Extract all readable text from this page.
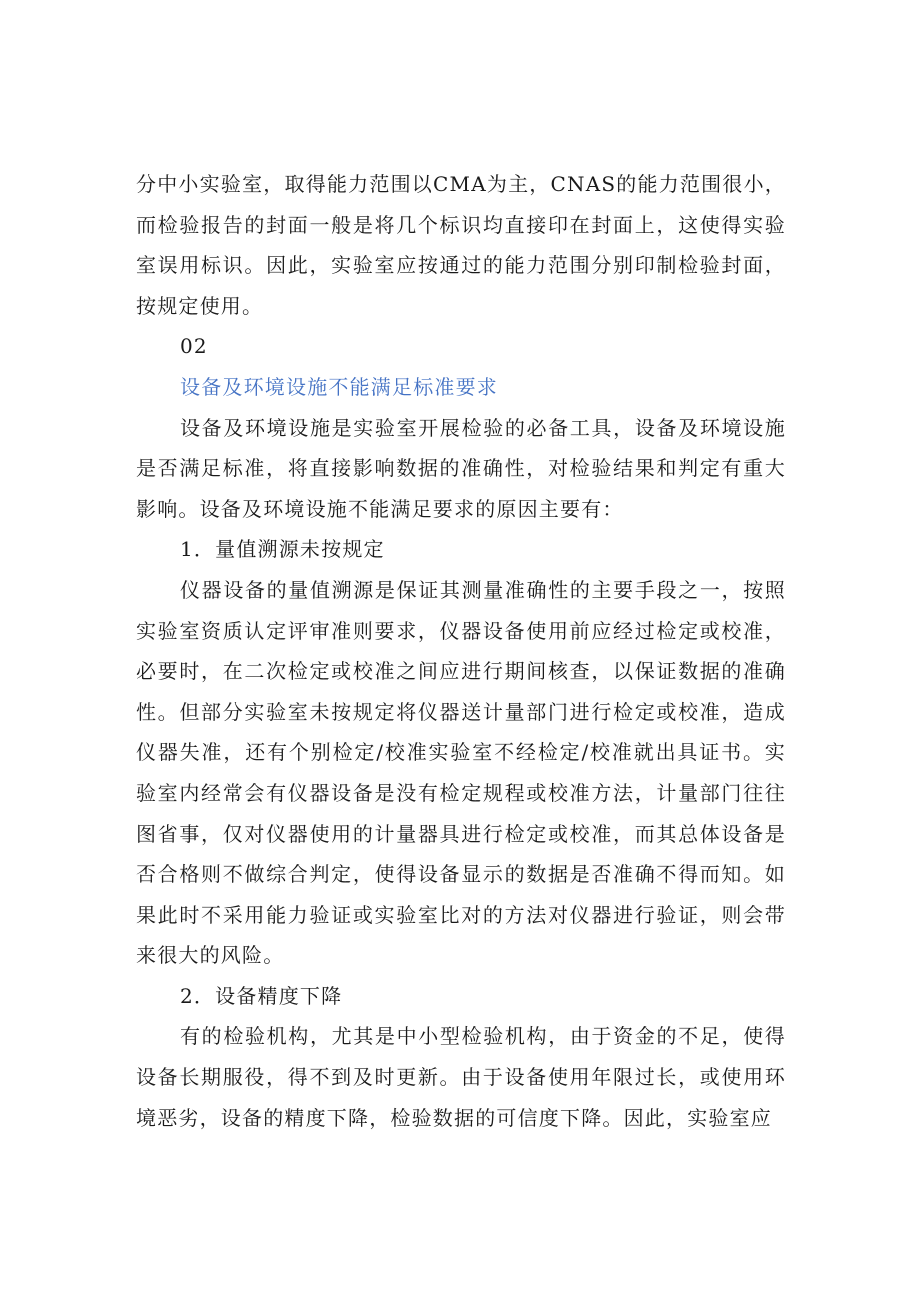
分中小实验室，取得能力范围以CMA为主，CNAS的能力范围很小，而检验报告的封面一般是将几个标识均直接印在封面上，这使得实验室误用标识。因此，实验室应按通过的能力范围分别印制检验封面，按规定使用。

02

设备及环境设施不能满足标准要求

设备及环境设施是实验室开展检验的必备工具，设备及环境设施是否满足标准，将直接影响数据的准确性，对检验结果和判定有重大影响。设备及环境设施不能满足要求的原因主要有：

1．量值溯源未按规定

仪器设备的量值溯源是保证其测量准确性的主要手段之一，按照实验室资质认定评审准则要求，仪器设备使用前应经过检定或校准，必要时，在二次检定或校准之间应进行期间核查，以保证数据的准确性。但部分实验室未按规定将仪器送计量部门进行检定或校准，造成仪器失准，还有个别检定/校准实验室不经检定/校准就出具证书。实验室内经常会有仪器设备是没有检定规程或校准方法，计量部门往往图省事，仅对仪器使用的计量器具进行检定或校准，而其总体设备是否合格则不做综合判定，使得设备显示的数据是否准确不得而知。如果此时不采用能力验证或实验室比对的方法对仪器进行验证，则会带来很大的风险。

2．设备精度下降

有的检验机构，尤其是中小型检验机构，由于资金的不足，使得设备长期服役，得不到及时更新。由于设备使用年限过长，或使用环境恶劣，设备的精度下降，检验数据的可信度下降。因此，实验室应
